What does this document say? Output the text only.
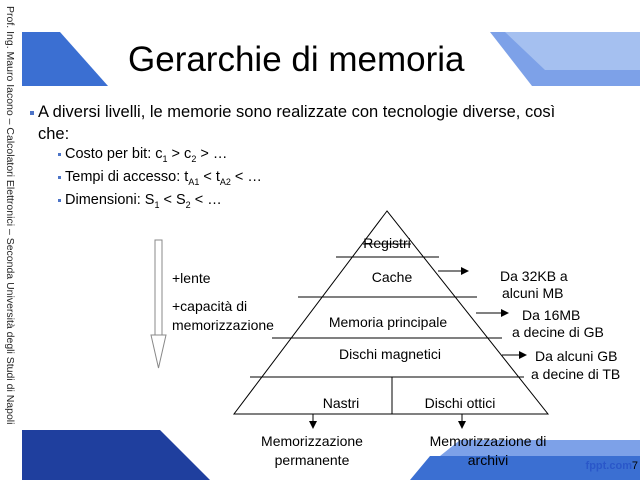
Prof. Ing. Mauro Iacono – Calcolatori Elettronici – Seconda Università degli Studi di Napoli	Gerarchie di memoria
A diversi livelli, le memorie sono realizzate con tecnologie diverse, così
che:
Costo per bit: $c_1 > c_2$ > …
Tempi di accesso: $t_{A1} < t_{A2}$ < …
Dimensioni: $S_1 < S_2$ < …
+lente
+capacità di
memorizzazione
Registri
Cache
Memoria principale
Dischi magnetici
Nastri	Dischi ottici
Da 32KB a
alcuni MB
Da 16MB
a decine di GB
Da alcuni GB
a decine di TB
Memorizzazione
permanente
Memorizzazione di
archivi	fppt.com 7
